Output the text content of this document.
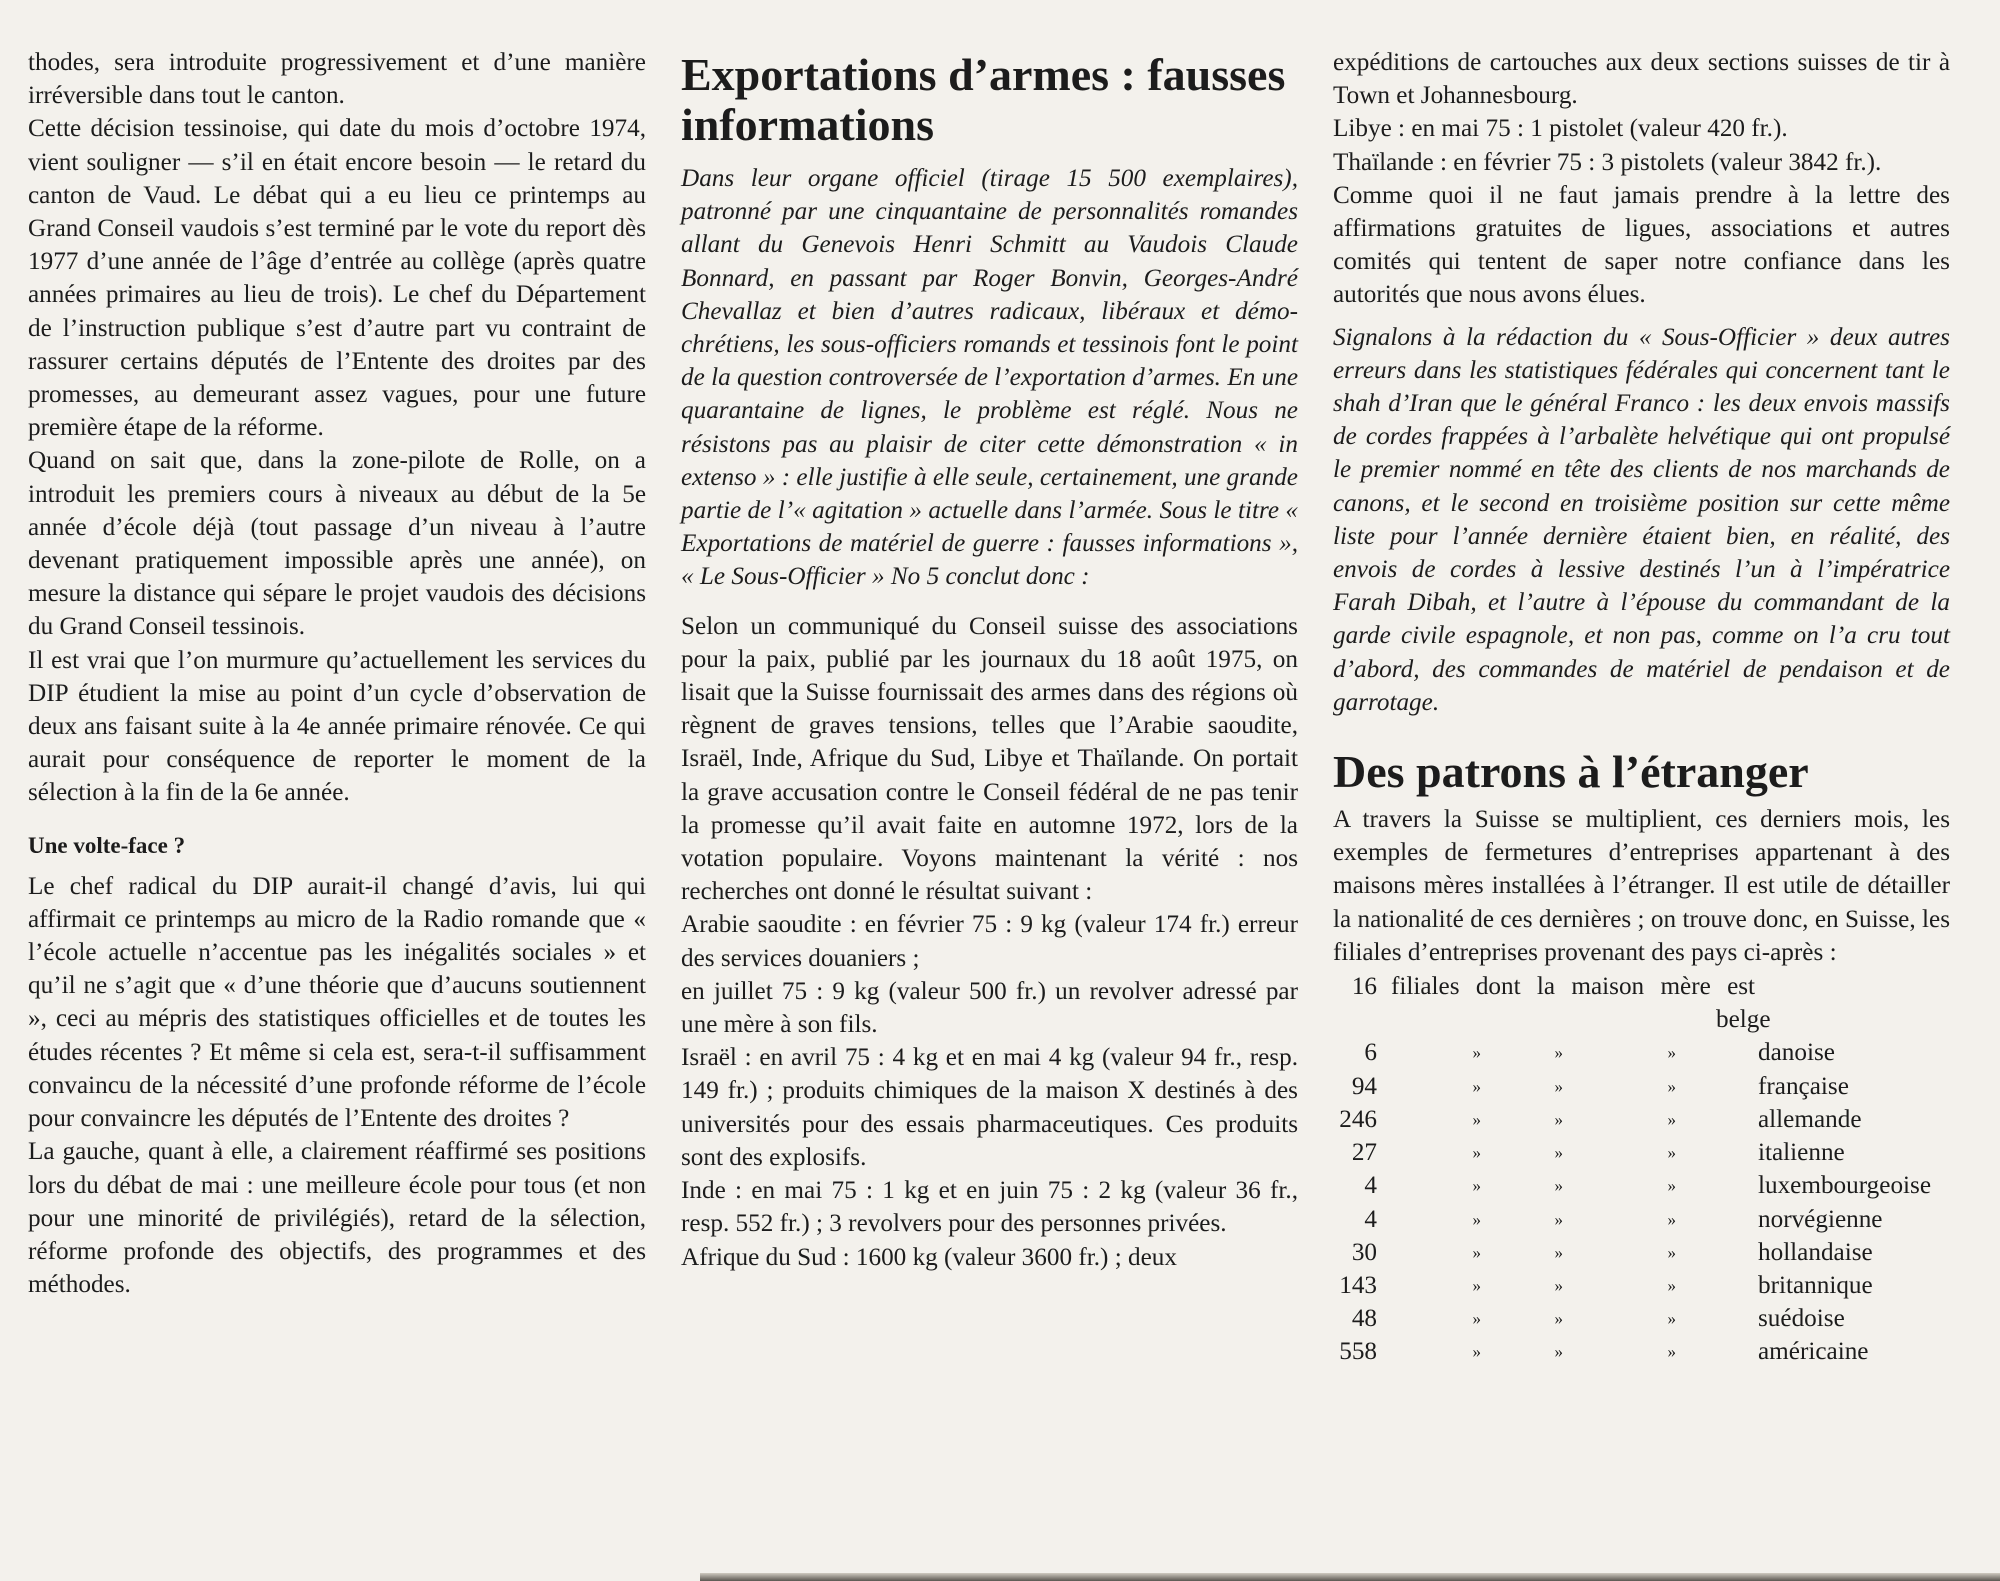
thodes, sera introduite progressivement et d’une manière irréversible dans tout le canton.

Cette décision tessinoise, qui date du mois d’octobre 1974, vient souligner — s’il en était encore besoin — le retard du canton de Vaud. Le débat qui a eu lieu ce printemps au Grand Conseil vaudois s’est terminé par le vote du report dès 1977 d’une année de l’âge d’entrée au collège (après quatre années primaires au lieu de trois). Le chef du Département de l’instruction publique s’est d’autre part vu contraint de rassurer certains députés de l’Entente des droites par des promesses, au demeurant assez vagues, pour une future première étape de la réforme.

Quand on sait que, dans la zone-pilote de Rolle, on a introduit les premiers cours à niveaux au début de la 5e année d’école déjà (tout passage d’un niveau à l’autre devenant pratiquement impossible après une année), on mesure la distance qui sépare le projet vaudois des décisions du Grand Conseil tessinois.

Il est vrai que l’on murmure qu’actuellement les services du DIP étudient la mise au point d’un cycle d’observation de deux ans faisant suite à la 4e année primaire rénovée. Ce qui aurait pour conséquence de reporter le moment de la sélection à la fin de la 6e année.

Une volte-face ?

Le chef radical du DIP aurait-il changé d’avis, lui qui affirmait ce printemps au micro de la Radio romande que « l’école actuelle n’accentue pas les inégalités sociales » et qu’il ne s’agit que « d’une théorie que d’aucuns soutiennent », ceci au mépris des statistiques officielles et de toutes les études récentes ? Et même si cela est, sera-t-il suffisamment convaincu de la nécessité d’une profonde réforme de l’école pour convaincre les députés de l’Entente des droites ?

La gauche, quant à elle, a clairement réaffirmé ses positions lors du débat de mai : une meilleure école pour tous (et non pour une minorité de privilégiés), retard de la sélection, réforme profonde des objectifs, des programmes et des méthodes.

Exportations d’armes : fausses informations

Dans leur organe officiel (tirage 15 500 exemplaires), patronné par une cinquantaine de personnalités romandes allant du Genevois Henri Schmitt au Vaudois Claude Bonnard, en passant par Roger Bonvin, Georges-André Chevallaz et bien d’autres radicaux, libéraux et démo-chrétiens, les sous-officiers romands et tessinois font le point de la question controversée de l’exportation d’armes. En une quarantaine de lignes, le problème est réglé. Nous ne résistons pas au plaisir de citer cette démonstration « in extenso » : elle justifie à elle seule, certainement, une grande partie de l’« agitation » actuelle dans l’armée. Sous le titre « Exportations de matériel de guerre : fausses informations », « Le Sous-Officier » No 5 conclut donc :

Selon un communiqué du Conseil suisse des associations pour la paix, publié par les journaux du 18 août 1975, on lisait que la Suisse fournissait des armes dans des régions où règnent de graves tensions, telles que l’Arabie saoudite, Israël, Inde, Afrique du Sud, Libye et Thaïlande. On portait la grave accusation contre le Conseil fédéral de ne pas tenir la promesse qu’il avait faite en automne 1972, lors de la votation populaire. Voyons maintenant la vérité : nos recherches ont donné le résultat suivant :

Arabie saoudite : en février 75 : 9 kg (valeur 174 fr.) erreur des services douaniers ;

en juillet 75 : 9 kg (valeur 500 fr.) un revolver adressé par une mère à son fils.

Israël : en avril 75 : 4 kg et en mai 4 kg (valeur 94 fr., resp. 149 fr.) ; produits chimiques de la maison X destinés à des universités pour des essais pharmaceutiques. Ces produits sont des explosifs.

Inde : en mai 75 : 1 kg et en juin 75 : 2 kg (valeur 36 fr., resp. 552 fr.) ; 3 revolvers pour des personnes privées.

Afrique du Sud : 1600 kg (valeur 3600 fr.) ; deux

expéditions de cartouches aux deux sections suisses de tir à Town et Johannesbourg.

Libye : en mai 75 : 1 pistolet (valeur 420 fr.).

Thaïlande : en février 75 : 3 pistolets (valeur 3842 fr.).

Comme quoi il ne faut jamais prendre à la lettre des affirmations gratuites de ligues, associations et autres comités qui tentent de saper notre confiance dans les autorités que nous avons élues.

Signalons à la rédaction du « Sous-Officier » deux autres erreurs dans les statistiques fédérales qui concernent tant le shah d’Iran que le général Franco : les deux envois massifs de cordes frappées à l’arbalète helvétique qui ont propulsé le premier nommé en tête des clients de nos marchands de canons, et le second en troisième position sur cette même liste pour l’année dernière étaient bien, en réalité, des envois de cordes à lessive destinés l’un à l’impératrice Farah Dibah, et l’autre à l’épouse du commandant de la garde civile espagnole, et non pas, comme on l’a cru tout d’abord, des commandes de matériel de pendaison et de garrotage.

Des patrons à l’étranger

A travers la Suisse se multiplient, ces derniers mois, les exemples de fermetures d’entreprises appartenant à des maisons mères installées à l’étranger. Il est utile de détailler la nationalité de ces dernières ; on trouve donc, en Suisse, les filiales d’entreprises provenant des pays ci-après :

16 filiales dont la maison mère est
belge
6	»	»	»	danoise
94	»	»	»	française
246	»	»	»	allemande
27	»	»	»	italienne
4	»	»	»	luxembourgeoise
4	»	»	»	norvégienne
30	»	»	»	hollandaise
143	»	»	»	britannique
48	»	»	»	suédoise
558	»	»	»	américaine
